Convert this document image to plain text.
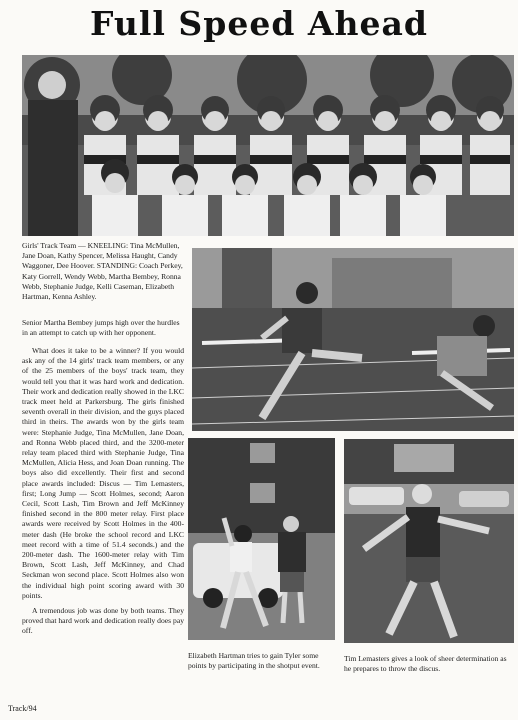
Full Speed Ahead
Girls' Track Team — KNEELING: Tina McMullen, Jane Doan, Kathy Spencer, Melissa Haught, Candy Waggoner, Dee Hoover. STANDING: Coach Perkey, Katy Gorrell, Wendy Webb, Martha Bembey, Ronna Webb, Stephanie Judge, Kelli Caseman, Elizabeth Hartman, Kenna Ashley.
Senior Martha Bembey jumps high over the hurdles in an attempt to catch up with her opponent.

What does it take to be a winner? If you would ask any of the 14 girls' track team members, or any of the 25 members of the boys' track team, they would tell you that it was hard work and dedication. Their work and dedication really showed in the LKC track meet held at Parkersburg. The girls finished seventh overall in their division, and the guys placed third in theirs. The awards won by the girls team were: Stephanie Judge, Tina McMullen, Jane Doan, and Ronna Webb placed third, and the 3200-meter relay team placed third with Stephanie Judge, Tina McMullen, Alicia Hess, and Joan Doan running. The boys also did excellently. Their first and second place awards included: Discus — Tim Lemasters, first; Long Jump — Scott Holmes, second; Aaron Cecil, Scott Lash, Tim Brown and Jeff McKinney finished second in the 800 meter relay. First place awards were received by Scott Holmes in the 400-meter dash (He broke the school record and LKC meet record with a time of 51.4 seconds.) and the 200-meter dash. The 1600-meter relay with Tim Brown, Scott Lash, Jeff McKinney, and Chad Seckman won second place. Scott Holmes also won the individual high point scoring award with 30 points.

A tremendous job was done by both teams. They proved that hard work and dedication really does pay off.

Elizabeth Hartman tries to gain Tyler some points by participating in the shotput event.
Tim Lemasters gives a look of sheer determination as he prepares to throw the discus.
Track/94
